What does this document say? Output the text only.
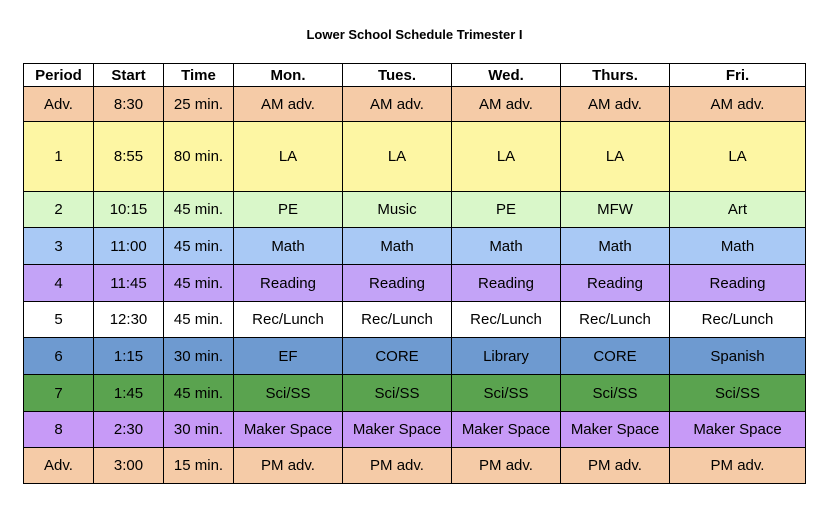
Lower School Schedule Trimester I
Period	Start	Time	Mon.	Tues.	Wed.	Thurs.	Fri.
Adv.	8:30	25 min.	AM adv.	AM adv.	AM adv.	AM adv.	AM adv.
1	8:55	80 min.	LA	LA	LA	LA	LA
2	10:15	45 min.	PE	Music	PE	MFW	Art
3	11:00	45 min.	Math	Math	Math	Math	Math
4	11:45	45 min.	Reading	Reading	Reading	Reading	Reading
5	12:30	45 min.	Rec/Lunch	Rec/Lunch	Rec/Lunch	Rec/Lunch	Rec/Lunch
6	1:15	30 min.	EF	CORE	Library	CORE	Spanish
7	1:45	45 min.	Sci/SS	Sci/SS	Sci/SS	Sci/SS	Sci/SS
8	2:30	30 min.	Maker Space	Maker Space	Maker Space	Maker Space	Maker Space
Adv.	3:00	15 min.	PM adv.	PM adv.	PM adv.	PM adv.	PM adv.
